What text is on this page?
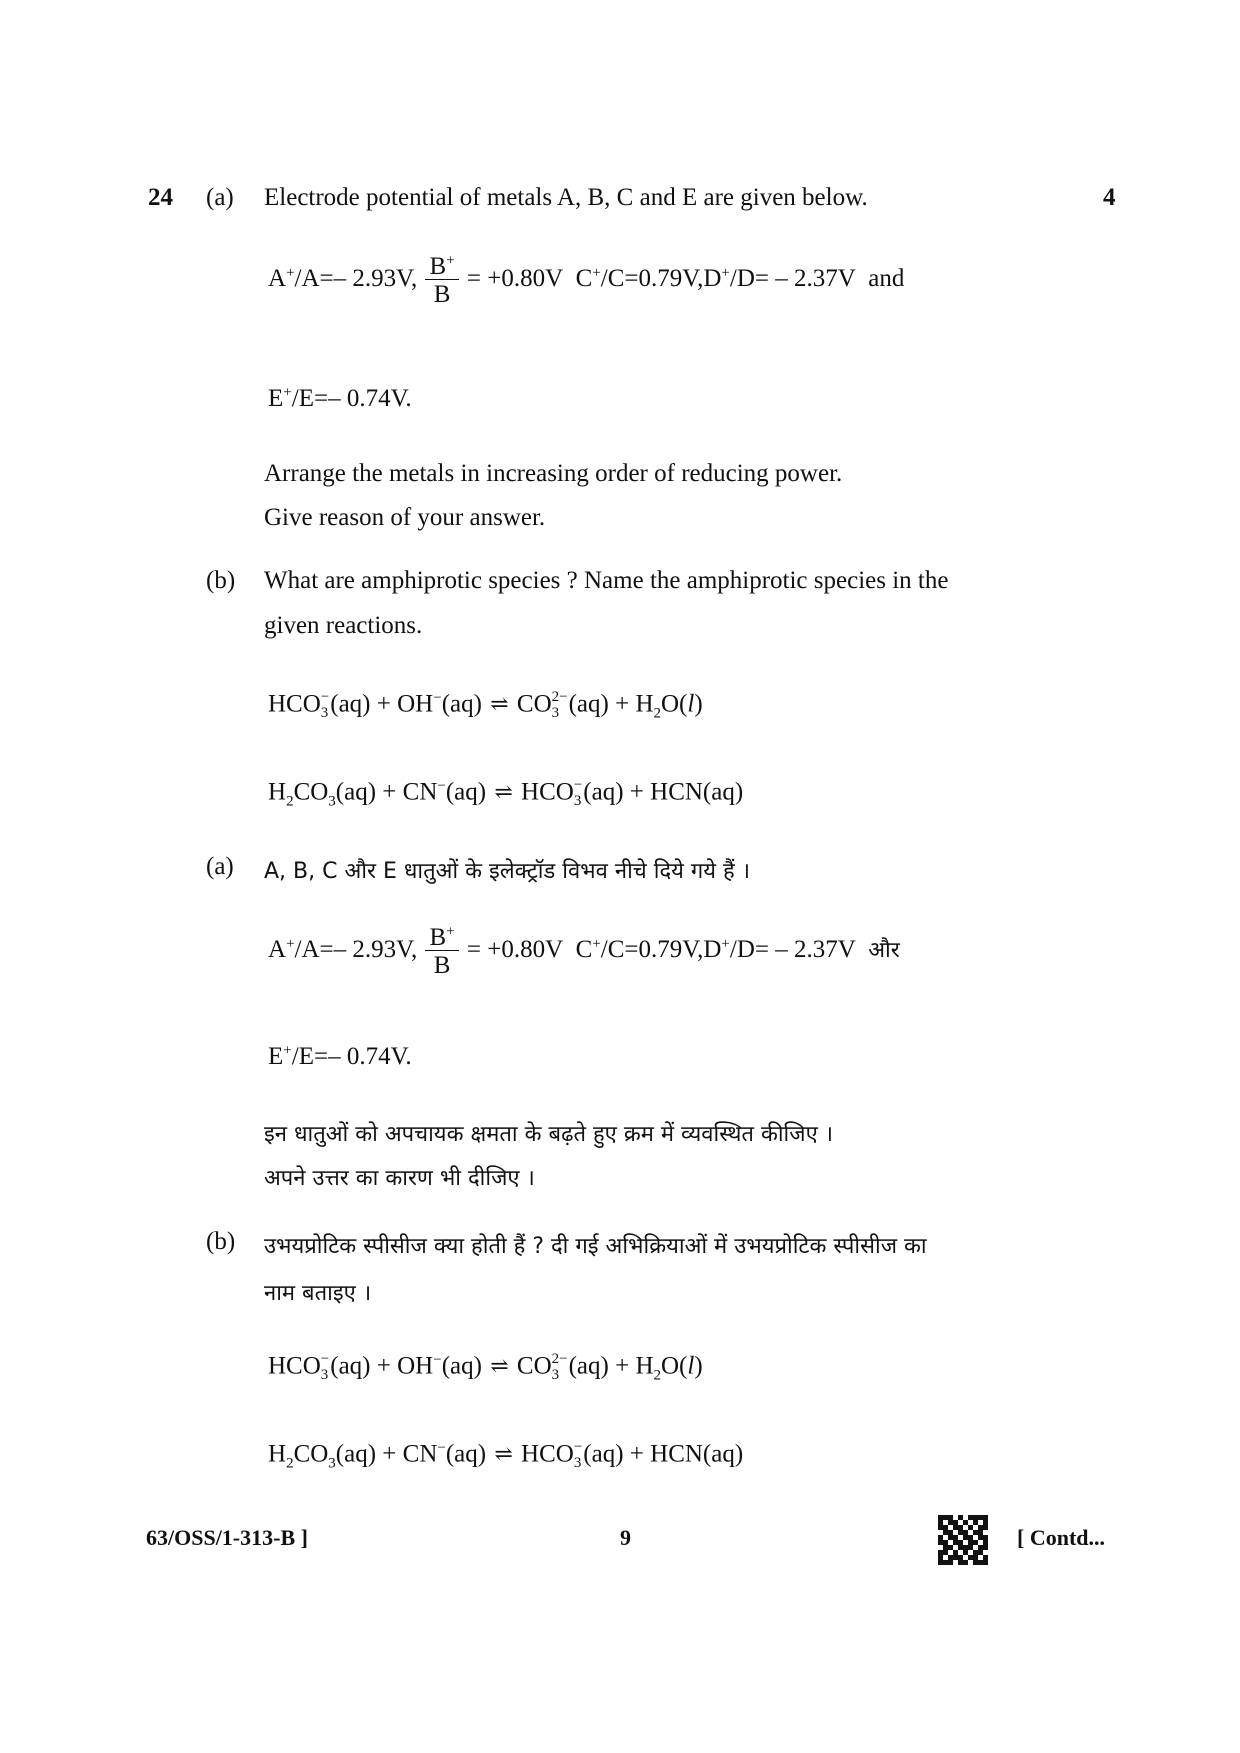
24 (a) Electrode potential of metals A, B, C and E are given below.	4
A+/A=– 2.93V, $\frac{B^+}{B} = +0.80V$ C+/C=0.79V,D+/D= – 2.37V and
E+/E=– 0.74V.
Arrange the metals in increasing order of reducing power.
Give reason of your answer.
(b) What are amphiprotic species ? Name the amphiprotic species in the
given reactions.
HCO −
3 (aq) + OH−(aq) ⇌ CO 2−
3 $(aq) + H_2O(l)$
$H_2CO_3(aq) + CN^-(aq)$ ⇌ HCO −
3 (aq) + HCN(aq)
(a) A, B, C और E धातुओं के इलेक्ट्रॉड विभव नीचे दिये गये हैं ।
A+/A=– 2.93V, $\frac{B^+}{B} = +0.80V$ C+/C=0.79V,D+/D= – 2.37V और
E+/E=– 0.74V.
इन धातुओं को अपचायक क्षमता के बढ़ते हुए क्रम में व्यवस्थित कीजिए ।
अपने उत्तर का कारण भी दीजिए ।
(b) उभयप्रोटिक स्पीसीज क्या होती हैं ? दी गई अभिक्रियाओं में उभयप्रोटिक स्पीसीज का
नाम बताइए ।
HCO −
3 (aq) + OH−(aq) ⇌ CO 2−
3 $(aq) + H_2O(l)$
$H_2CO_3(aq) + CN^-(aq)$ ⇌ HCO −
3 (aq) + HCN(aq)
63/OSS/1-313-B ]	9	[ Contd...
